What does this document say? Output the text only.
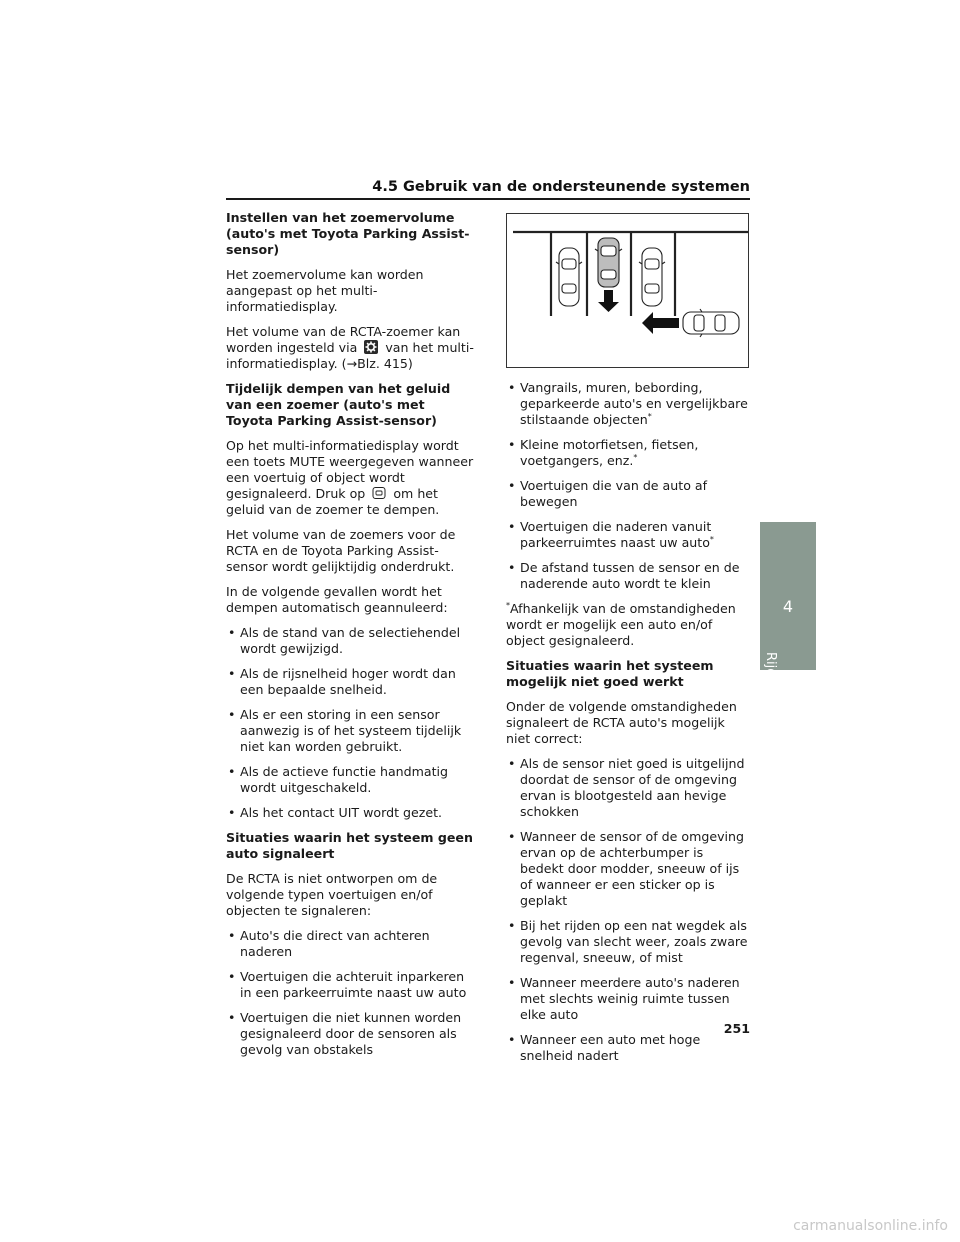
4.5 Gebruik van de ondersteunende systemen
Instellen van het zoemervolume (auto's met Toyota Parking Assist-sensor)

Het zoemervolume kan worden aangepast op het multi-informatiedisplay.

Het volume van de RCTA-zoemer kan worden ingesteld via van het multi-informatiedisplay. (→Blz. 415)

Tijdelijk dempen van het geluid van een zoemer (auto's met Toyota Parking Assist-sensor)

Op het multi-informatiedisplay wordt een toets MUTE weergegeven wanneer een voertuig of object wordt gesignaleerd. Druk op om het geluid van de zoemer te dempen.

Het volume van de zoemers voor de RCTA en de Toyota Parking Assist-sensor wordt gelijktijdig onderdrukt.

In de volgende gevallen wordt het dempen automatisch geannuleerd:

• Als de stand van de selectiehendel wordt gewijzigd.
• Als de rijsnelheid hoger wordt dan een bepaalde snelheid.
• Als er een storing in een sensor aanwezig is of het systeem tijdelijk niet kan worden gebruikt.
• Als de actieve functie handmatig wordt uitgeschakeld.
• Als het contact UIT wordt gezet.
Situaties waarin het systeem geen auto signaleert

De RCTA is niet ontworpen om de volgende typen voertuigen en/of objecten te signaleren:

• Auto's die direct van achteren naderen
• Voertuigen die achteruit inparkeren in een parkeerruimte naast uw auto
• Voertuigen die niet kunnen worden gesignaleerd door de sensoren als gevolg van obstakels
• Vangrails, muren, bebording, geparkeerde auto's en vergelijkbare stilstaande objecten*
• Kleine motorfietsen, fietsen, voetgangers, enz.*
• Voertuigen die van de auto af bewegen
• Voertuigen die naderen vanuit parkeerruimtes naast uw auto*
• De afstand tussen de sensor en de naderende auto wordt te klein

*Afhankelijk van de omstandigheden wordt er mogelijk een auto en/of object gesignaleerd.

Situaties waarin het systeem mogelijk niet goed werkt

Onder de volgende omstandigheden signaleert de RCTA auto's mogelijk niet correct:

• Als de sensor niet goed is uitgelijnd doordat de sensor of de omgeving ervan is blootgesteld aan hevige schokken
• Wanneer de sensor of de omgeving ervan op de achterbumper is bedekt door modder, sneeuw of ijs of wanneer er een sticker op is geplakt
• Bij het rijden op een nat wegdek als gevolg van slecht weer, zoals zware regenval, sneeuw, of mist
• Wanneer meerdere auto's naderen met slechts weinig ruimte tussen elke auto
• Wanneer een auto met hoge snelheid nadert
4
Rijden
251
carmanualsonline.info
